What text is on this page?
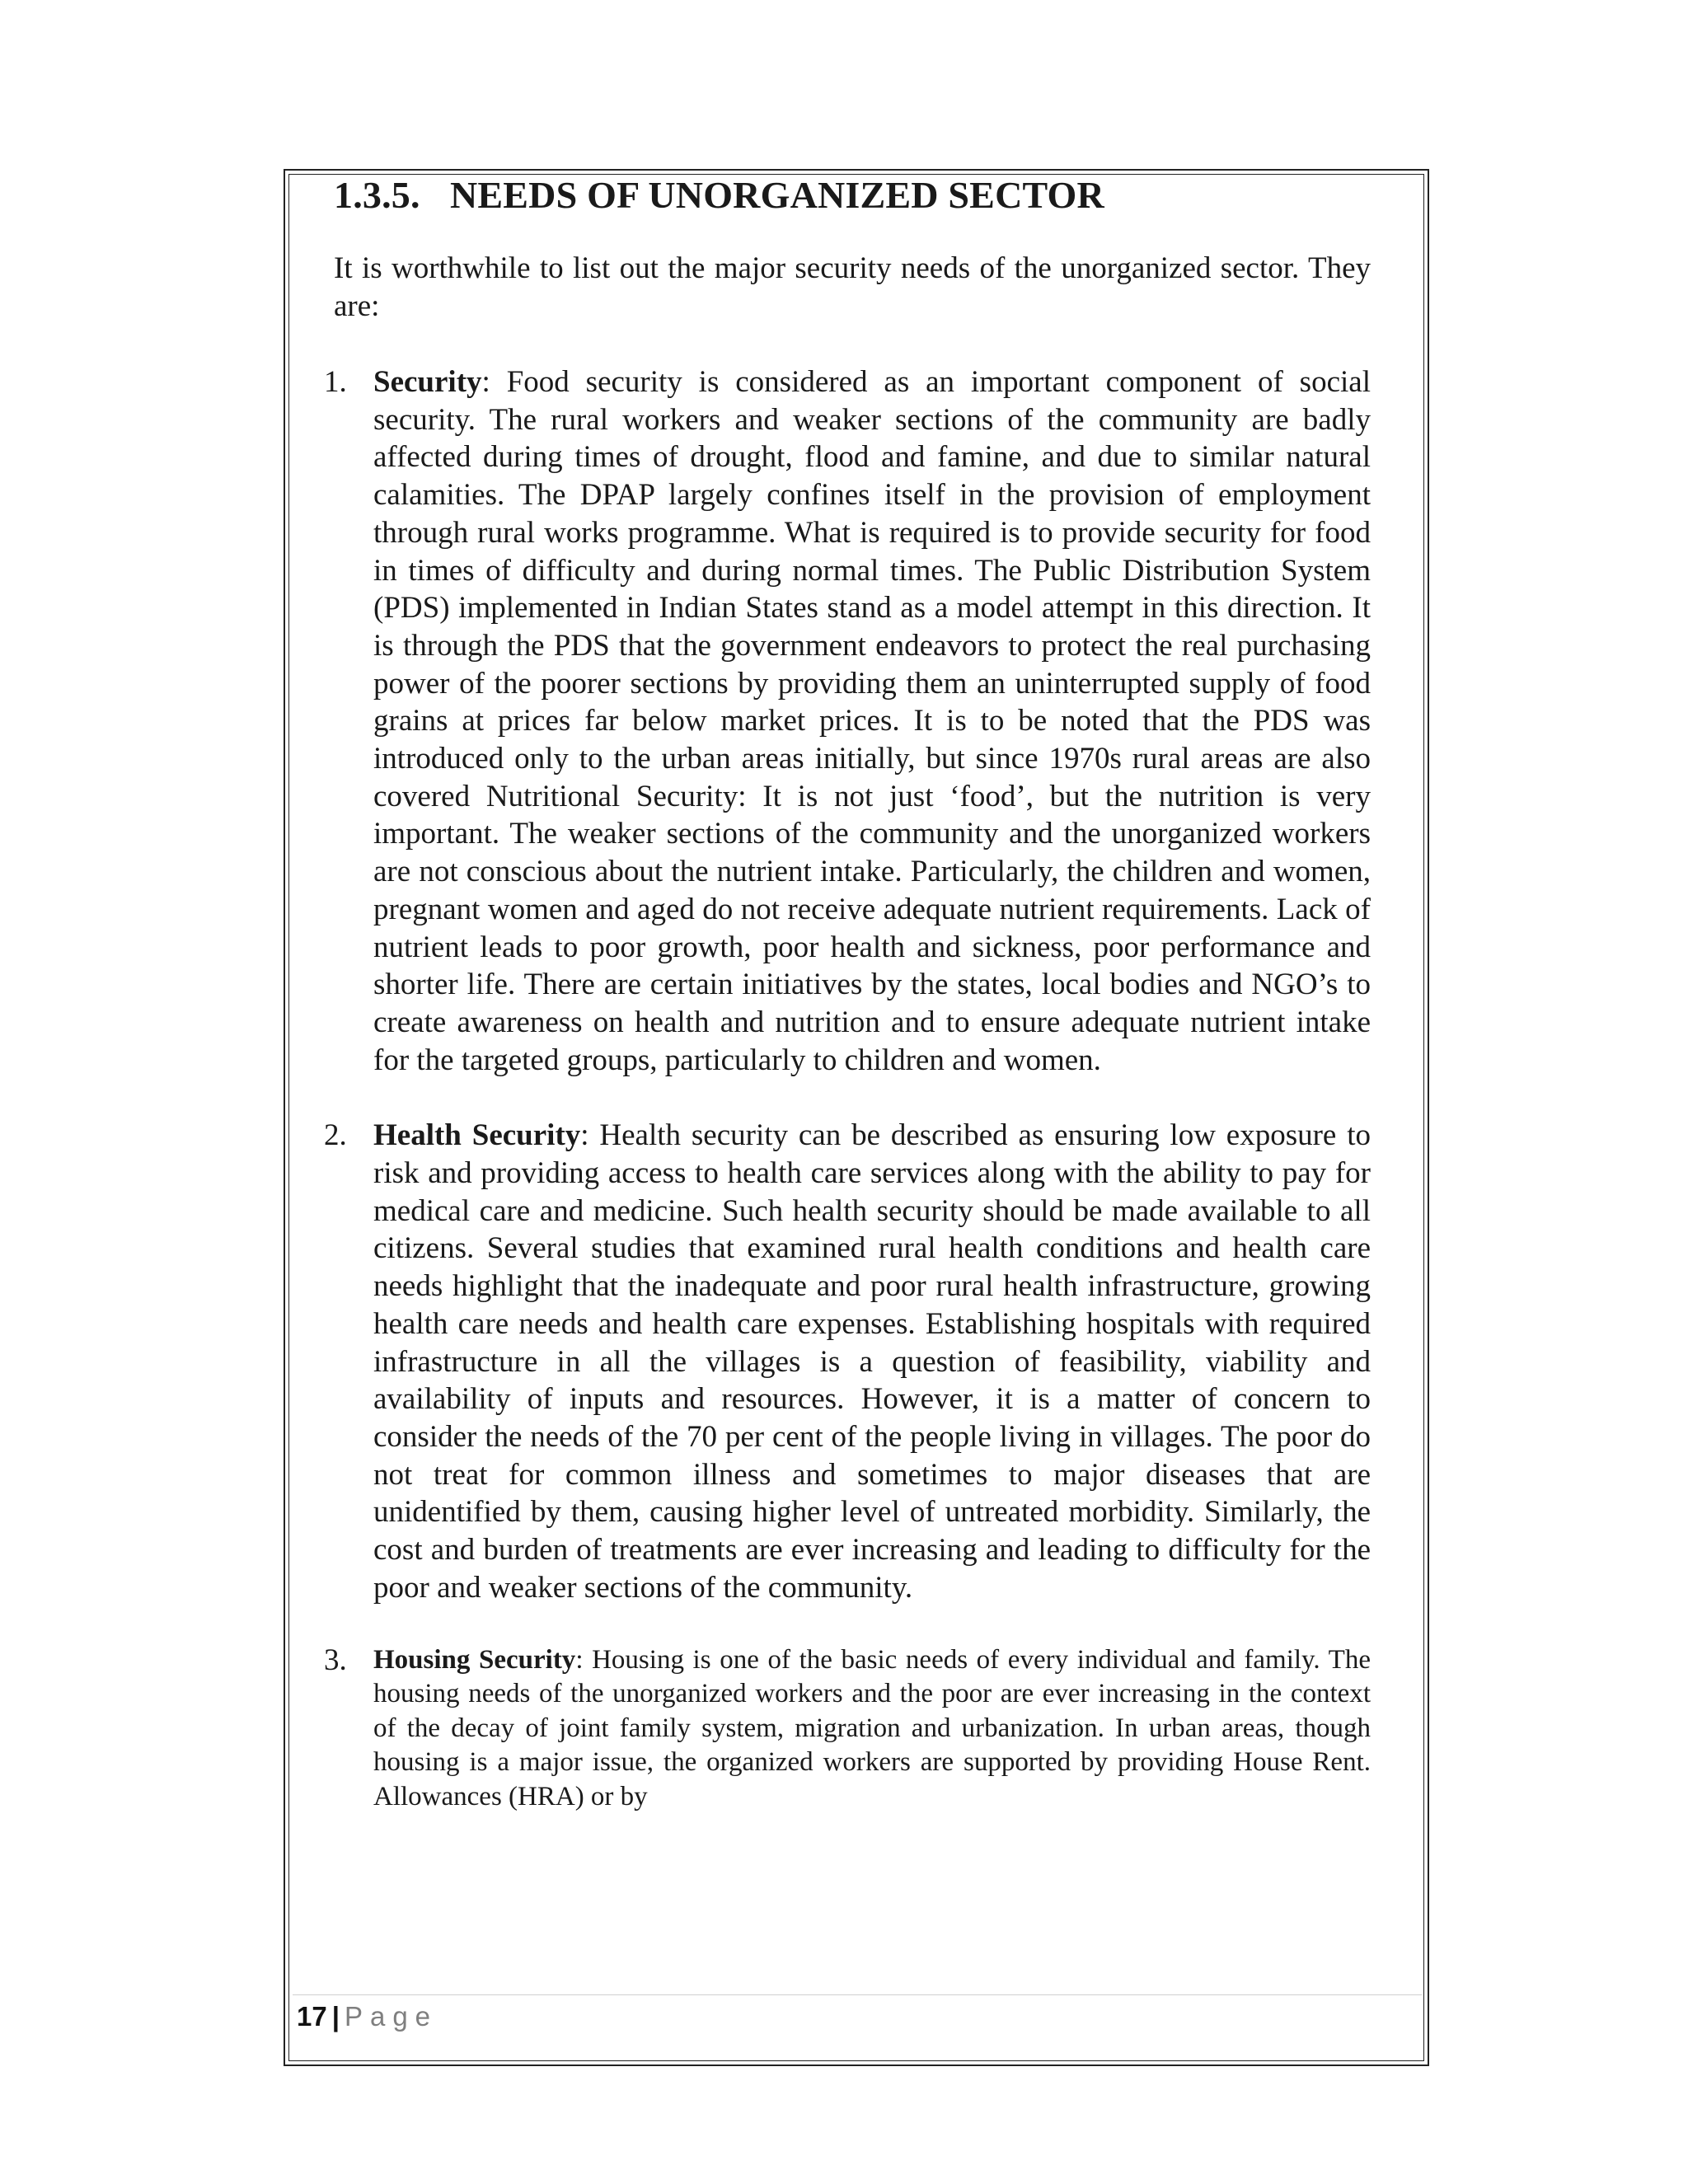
1.3.5. NEEDS OF UNORGANIZED SECTOR

It is worthwhile to list out the major security needs of the unorganized sector. They are:

1. Security: Food security is considered as an important component of social security. The rural workers and weaker sections of the community are badly affected during times of drought, flood and famine, and due to similar natural calamities. The DPAP largely confines itself in the provision of employment through rural works programme. What is required is to provide security for food in times of difficulty and during normal times. The Public Distribution System (PDS) implemented in Indian States stand as a model attempt in this direction. It is through the PDS that the government endeavors to protect the real purchasing power of the poorer sections by providing them an uninterrupted supply of food grains at prices far below market prices. It is to be noted that the PDS was introduced only to the urban areas initially, but since 1970s rural areas are also covered Nutritional Security: It is not just ‘food’, but the nutrition is very important. The weaker sections of the community and the unorganized workers are not conscious about the nutrient intake. Particularly, the children and women, pregnant women and aged do not receive adequate nutrient requirements. Lack of nutrient leads to poor growth, poor health and sickness, poor performance and shorter life. There are certain initiatives by the states, local bodies and NGO’s to create awareness on health and nutrition and to ensure adequate nutrient intake for the targeted groups, particularly to children and women.
2. Health Security: Health security can be described as ensuring low exposure to risk and providing access to health care services along with the ability to pay for medical care and medicine. Such health security should be made available to all citizens. Several studies that examined rural health conditions and health care needs highlight that the inadequate and poor rural health infrastructure, growing health care needs and health care expenses. Establishing hospitals with required infrastructure in all the villages is a question of feasibility, viability and availability of inputs and resources. However, it is a matter of concern to consider the needs of the 70 per cent of the people living in villages. The poor do not treat for common illness and sometimes to major diseases that are unidentified by them, causing higher level of untreated morbidity. Similarly, the cost and burden of treatments are ever increasing and leading to difficulty for the poor and weaker sections of the community.
3. Housing Security: Housing is one of the basic needs of every individual and family. The housing needs of the unorganized workers and the poor are ever increasing in the context of the decay of joint family system, migration and urbanization. In urban areas, though housing is a major issue, the organized workers are supported by providing House Rent. Allowances (HRA) or by
17 | Page
